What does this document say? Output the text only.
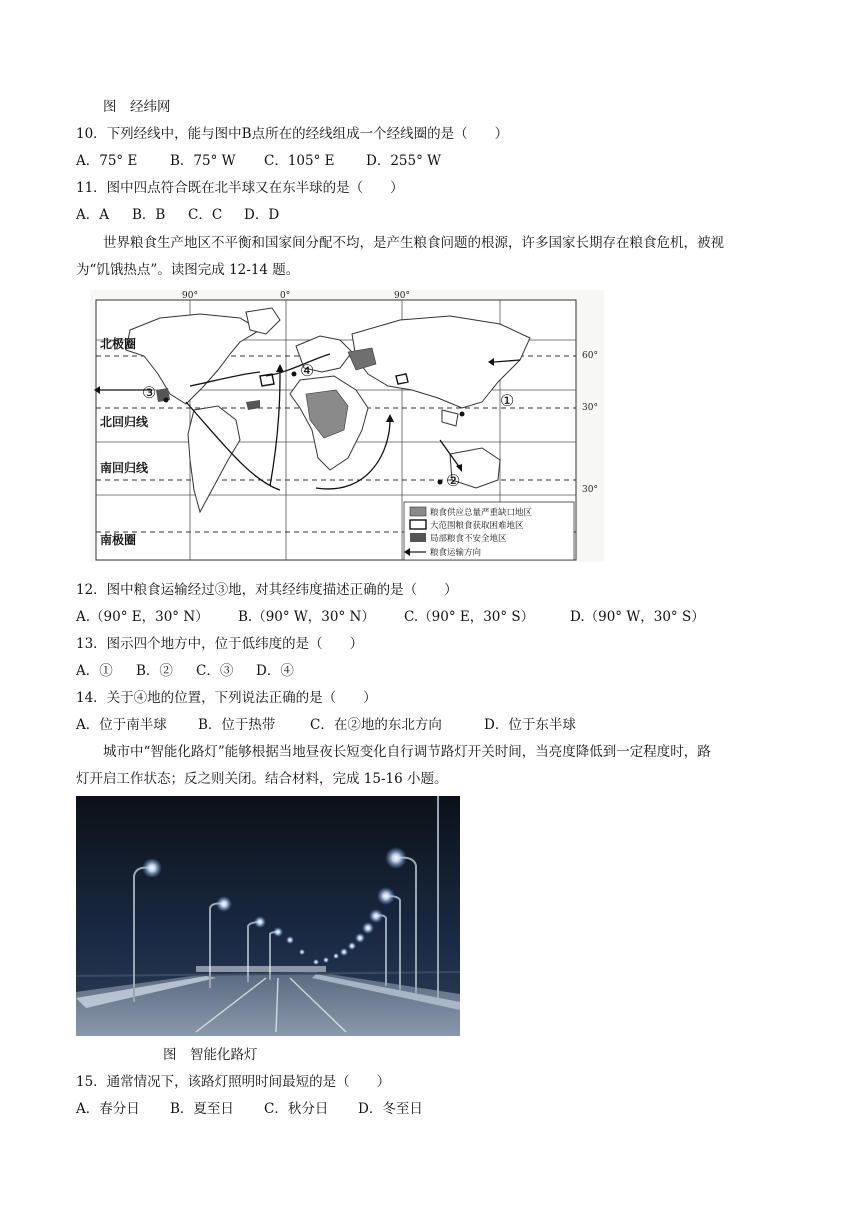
图　经纬网
10．下列经线中，能与图中B点所在的经线组成一个经线圈的是（　　）
A．75° E B．75° W C．105° E D．255° W
11．图中四点符合既在北半球又在东半球的是（　　）
A．A B．B C．C D．D
世界粮食生产地区不平衡和国家间分配不均，是产生粮食问题的根源，许多国家长期存在粮食危机，被视
为“饥饿热点”。读图完成 12-14 题。
①
②
③
④
90°	0°	90°
60°
30°
30°
北极圈
北回归线
南回归线
南极圈
粮食供应总量严重缺口地区
大范围粮食获取困难地区
局部粮食不安全地区
粮食运输方向
12．图中粮食运输经过③地，对其经纬度描述正确的是（　　）
A.（90° E，30° N） B.（90° W，30° N） C.（90° E，30° S）	D.（90° W，30° S）
13．图示四个地方中，位于低纬度的是（　　）
A．① B．② C．③ D．④
14．关于④地的位置，下列说法正确的是（　　）
A．位于南半球 B．位于热带	C．在②地的东北方向	D．位于东半球
城市中“智能化路灯”能够根据当地昼夜长短变化自行调节路灯开关时间，当亮度降低到一定程度时，路
灯开启工作状态；反之则关闭。结合材料，完成 15-16 小题。
图　智能化路灯
15．通常情况下，该路灯照明时间最短的是（　　）
A．春分日 B．夏至日 C．秋分日 D．冬至日
